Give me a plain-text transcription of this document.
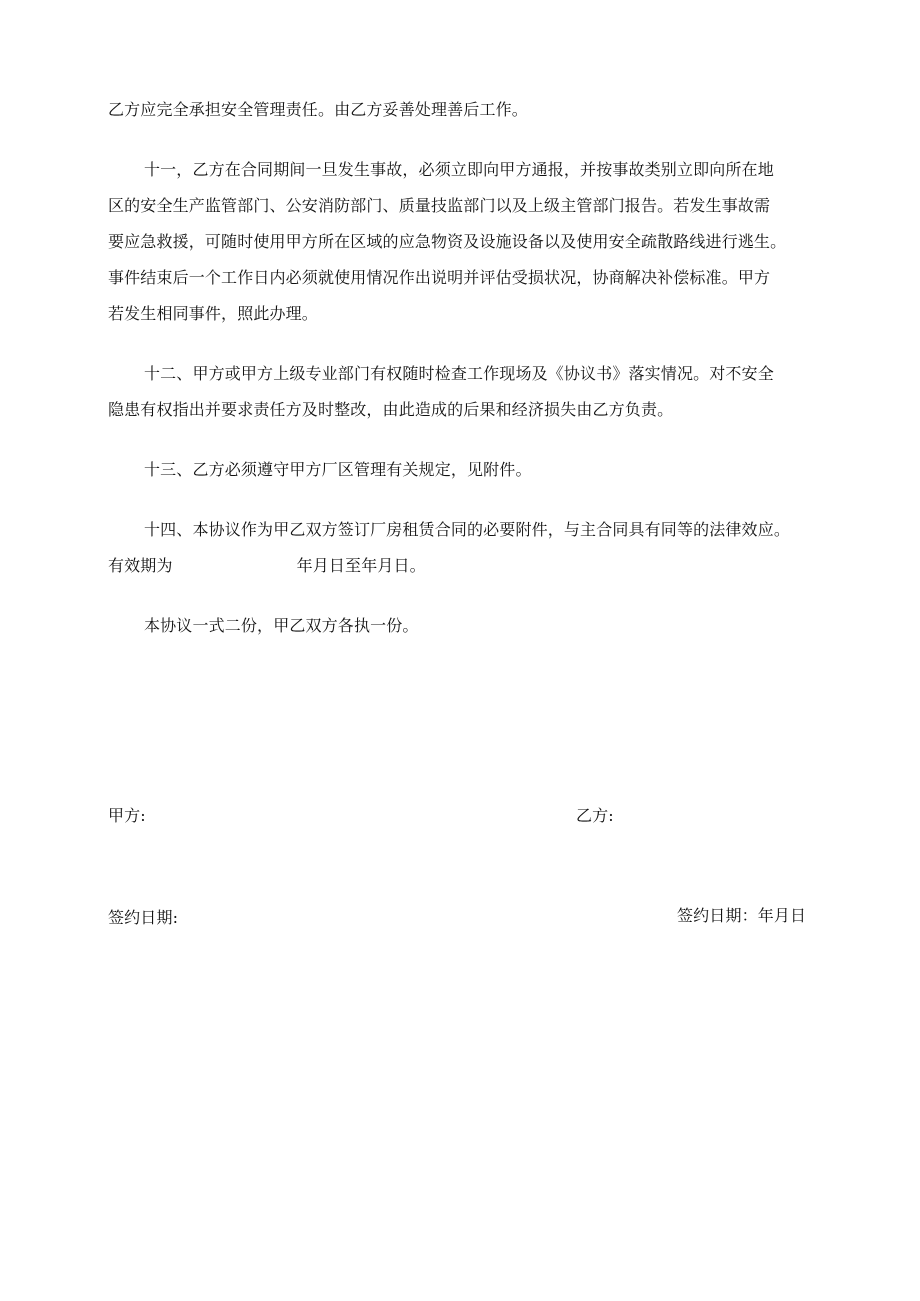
乙方应完全承担安全管理责任。由乙方妥善处理善后工作。
十一，乙方在合同期间一旦发生事故，必须立即向甲方通报，并按事故类别立即向所在地
区的安全生产监管部门、公安消防部门、质量技监部门以及上级主管部门报告。若发生事故需
要应急救援，可随时使用甲方所在区域的应急物资及设施设备以及使用安全疏散路线进行逃生。
事件结束后一个工作日内必须就使用情况作出说明并评估受损状况，协商解决补偿标准。甲方
若发生相同事件，照此办理。
十二、甲方或甲方上级专业部门有权随时检查工作现场及《协议书》落实情况。对不安全
隐患有权指出并要求责任方及时整改，由此造成的后果和经济损失由乙方负责。
十三、乙方必须遵守甲方厂区管理有关规定，见附件。
十四、本协议作为甲乙双方签订厂房租赁合同的必要附件，与主合同具有同等的法律效应。
有效期为	年月日至年月日。
本协议一式二份，甲乙双方各执一份。
甲方:	乙方:
签约日期:	签约日期：年月日
